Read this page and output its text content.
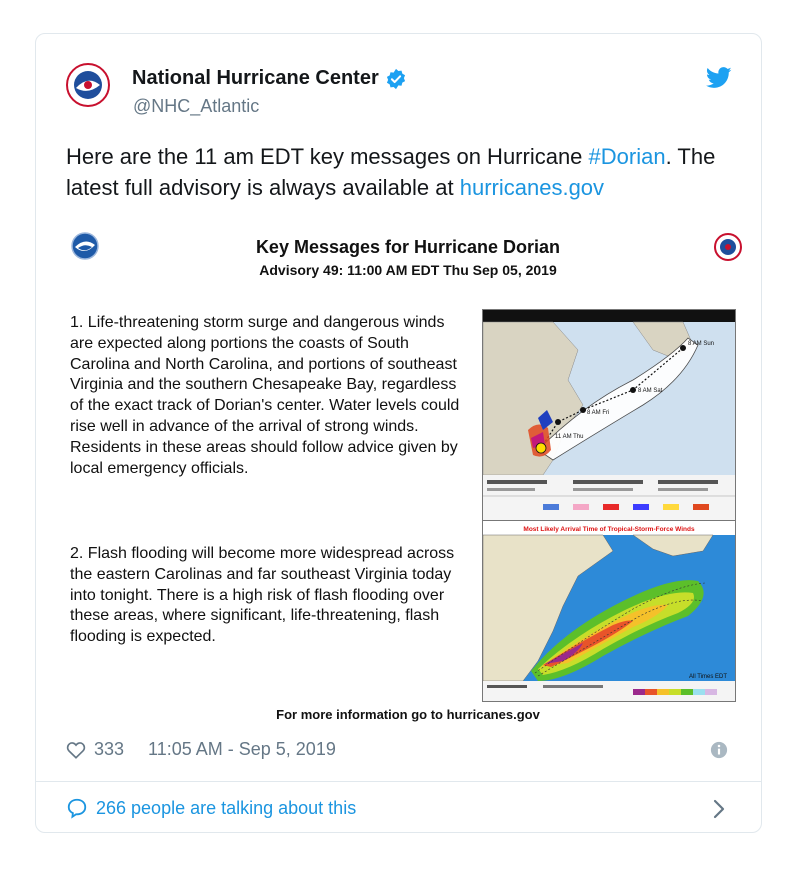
National Hurricane Center
@NHC_Atlantic
Here are the 11 am EDT key messages on Hurricane #Dorian. The latest full advisory is always available at hurricanes.gov
Key Messages for Hurricane Dorian
Advisory 49: 11:00 AM EDT Thu Sep 05, 2019
1. Life-threatening storm surge and dangerous winds are expected along portions the coasts of South Carolina and North Carolina, and portions of southeast Virginia and the southern Chesapeake Bay, regardless of the exact track of Dorian's center. Water levels could rise well in advance of the arrival of strong winds. Residents in these areas should follow advice given by local emergency officials.
2. Flash flooding will become more widespread across the eastern Carolinas and far southeast Virginia today into tonight. There is a high risk of flash flooding over these areas, where significant, life-threatening, flash flooding is expected.
8 AM Sun
8 AM Sat
8 AM Fri
11 AM Thu
Most Likely Arrival Time of Tropical-Storm-Force Winds
All Times EDT
For more information go to hurricanes.gov
333 11:05 AM - Sep 5, 2019
266 people are talking about this
